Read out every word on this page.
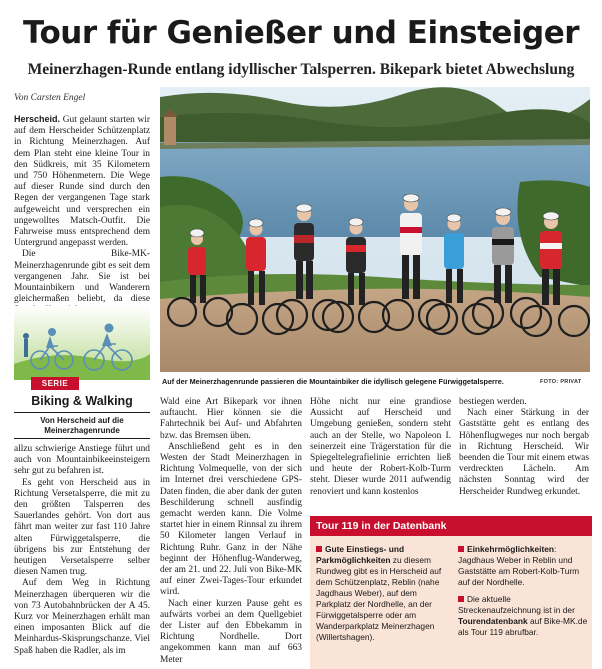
Tour für Genießer und Einsteiger
Meinerzhagen-Runde entlang idyllischer Talsperren. Bikepark bietet Abwechslung
Von Carsten Engel

Herscheid. Gut gelaunt starten wir auf dem Herscheider Schützenplatz in Richtung Meinerzhagen. Auf dem Plan steht eine kleine Tour in den Südkreis, mit 35 Kilometern und 750 Höhenmetern. Die Wege auf dieser Runde sind durch den Regen der vergangenen Tage stark aufgeweicht und versprechen ein ungewolltes Matsch-Outfit. Die Fahrweise muss entsprechend dem Untergrund angepasst werden.

Die Bike-MK-Meinerzhagenrunde gibt es seit dem vergangenen Jahr. Sie ist bei Mountainbikern und Wanderern gleichermaßen beliebt, da diese

SERIE
Biking & Walking
Von Herscheid auf die Meinerzhagenrunde

allzu schwierige Anstiege führt und auch von Mountainbikeeinsteigern sehr gut zu befahren ist.

Es geht von Herscheid aus in Richtung Versetalsperre, die mit zu den größten Talsperren des Sauerlandes gehört. Von dort aus fährt man weiter zur fast 110 Jahre alten Fürwiggetalsperre, die übrigens bis zur Entstehung der heutigen Versetalsperre selber diesen Namen trug.

Auf dem Weg in Richtung Meinerzhagen überqueren wir die von 73 Autobahnbrücken der A 45. Kurz vor Meinerzhagen erhält man einen imposanten Blick auf die Meinhardus-Skisprungschanze. Viel Spaß haben die Radler, als im

Auf der Meinerzhagenrunde passieren die Mountainbiker die idyllisch gelegene Fürwiggetalsperre.	FOTO: PRIVAT

Wald eine Art Bikepark vor ihnen auftaucht. Hier können sie die Fahrtechnik bei Auf- und Abfahrten bzw. das Bremsen üben.

Anschließend geht es in den Westen der Stadt Meinerzhagen in Richtung Volmequelle, von der sich im Internet drei verschiedene GPS-Daten finden, die aber dank der guten Beschilderung schnell ausfindig gemacht werden kann. Die Volme startet hier in einem Rinnsal zu ihrem 50 Kilometer langen Verlauf in Richtung Ruhr. Ganz in der Nähe beginnt der Höhenflug-Wanderweg, der am 21. und 22. Juli von Bike-MK auf einer Zwei-Tages-Tour erkundet wird.

Nach einer kurzen Pause geht es aufwärts vorbei an dem Quellgebiet der Lister auf den Ebbekamm in Richtung Nordhelle. Dort angekommen kann man auf 663 Meter

Höhe nicht nur eine grandiose Aussicht auf Herscheid und Umgebung genießen, sondern steht auch an der Stelle, wo Napoleon I. seinerzeit eine Trägerstation für die Spiegeltelegrafielinie errichten ließ und heute der Robert-Kolb-Turm steht. Dieser wurde 2011 aufwendig renoviert und kann kostenlos

bestiegen werden.

Nach einer Stärkung in der Gaststätte geht es entlang des Höhenflugweges nur noch bergab in Richtung Herscheid. Wir beenden die Tour mit einem etwas verdreckten Lächeln. Am nächsten Sonntag wird der Herscheider Rundweg erkundet.

Tour 119 in der Datenbank

Gute Einstiegs- und Parkmöglichkeiten zu diesem Rundweg gibt es in Herscheid auf dem Schützenplatz, Reblin (nahe Jagdhaus Weber), auf dem Parkplatz der Nordhelle, an der Fürwiggetalsperre oder am Wanderparkplatz Meinerzhagen (Willertshagen).

Einkehrmöglichkeiten: Jagdhaus Weber in Reblin und Gaststätte am Robert-Kolb-Turm auf der Nordhelle.

Die aktuelle Streckenaufzeichnung ist in der Tourendatenbank auf Bike-MK.de als Tour 119 abrufbar.
